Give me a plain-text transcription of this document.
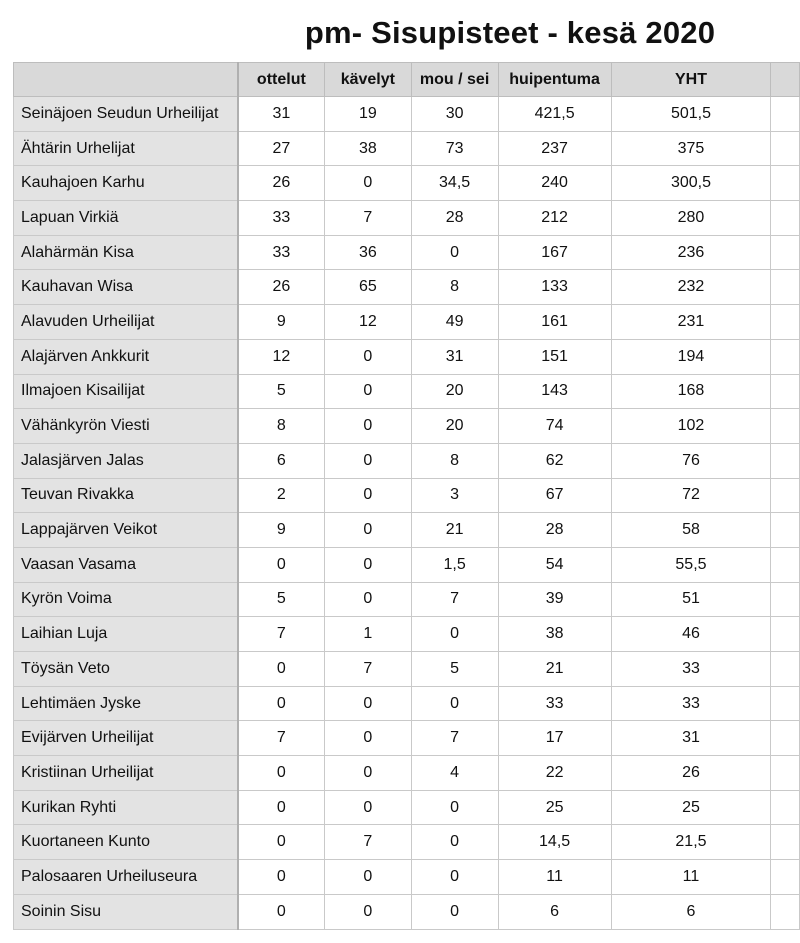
pm- Sisupisteet - kesä 2020
	ottelut	kävelyt	mou / sei	huipentuma	YHT	
Seinäjoen Seudun Urheilijat	31	19	30	421,5	501,5	
Ähtärin Urhelijat	27	38	73	237	375	
Kauhajoen Karhu	26	0	34,5	240	300,5	
Lapuan Virkiä	33	7	28	212	280	
Alahärmän Kisa	33	36	0	167	236	
Kauhavan Wisa	26	65	8	133	232	
Alavuden Urheilijat	9	12	49	161	231	
Alajärven Ankkurit	12	0	31	151	194	
Ilmajoen Kisailijat	5	0	20	143	168	
Vähänkyrön Viesti	8	0	20	74	102	
Jalasjärven Jalas	6	0	8	62	76	
Teuvan Rivakka	2	0	3	67	72	
Lappajärven Veikot	9	0	21	28	58	
Vaasan Vasama	0	0	1,5	54	55,5	
Kyrön Voima	5	0	7	39	51	
Laihian Luja	7	1	0	38	46	
Töysän Veto	0	7	5	21	33	
Lehtimäen Jyske	0	0	0	33	33	
Evijärven Urheilijat	7	0	7	17	31	
Kristiinan Urheilijat	0	0	4	22	26	
Kurikan Ryhti	0	0	0	25	25	
Kuortaneen Kunto	0	7	0	14,5	21,5	
Palosaaren Urheiluseura	0	0	0	11	11	
Soinin Sisu	0	0	0	6	6	
